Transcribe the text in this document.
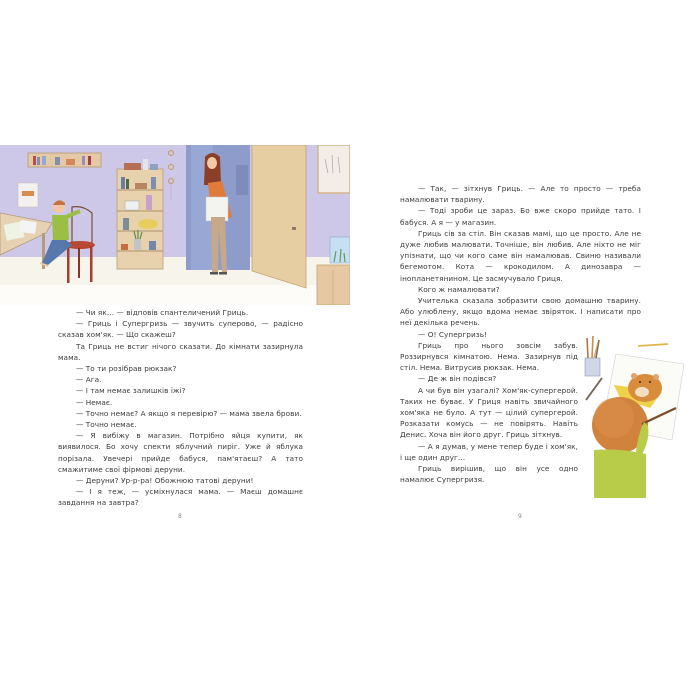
— Чи як… — відповів спантеличений Гриць.

— Гриць і Супергризь — звучить суперово, — радісно сказав хом'як. — Що скажеш?

Та Гриць не встиг нічого сказати. До кімнати зазирнула мама.

— То ти розібрав рюкзак?

— Ага.

— І там немає залишків їжі?

— Немає.

— Точно немає? А якщо я перевірю? — мама звела брови.

— Точно немає.

— Я вибіжу в магазин. Потрібно яйця купити, як виявилося. Бо хочу спекти яблучний пиріг. Уже й яблука порізала. Увечері прийде бабуся, пам'ятаєш? А тато смажитиме свої фірмові деруни.

— Деруни? Ур-р-ра! Обожнюю татові деруни!

— І я теж, — усміхнулася мама. — Маєш домашнє завдання на завтра?

8

— Так, — зітхнув Гриць. — Але то просто — треба намалювати тварину.

— Тоді зроби це зараз. Бо вже скоро прийде тато. І бабуся. А я — у магазин.

Гриць сів за стіл. Він сказав мамі, що це просто. Але не дуже любив малювати. Точніше, він любив. Але ніхто не міг упізнати, що чи кого саме він намалював. Свиню називали бегемотом. Кота — крокодилом. А динозавра — інопланетянином. Це засмучувало Гриця.

Кого ж намалювати?

Учителька сказала зобразити свою домашню тварину. Або улюблену, якщо вдома немає звіряток. І написати про неї декілька речень.

— О! Супергризь!

Гриць про нього зовсім забув. Роззирнувся кімнатою. Нема. Зазирнув під стіл. Нема. Витрусив рюкзак. Нема.

— Де ж він подівся?

А чи був він узагалі? Хом'як-супергерой. Таких не буває. У Гриця навіть звичайного хом'яка не було. А тут — цілий супергерой. Розказати комусь — не повірять. Навіть Денис. Хоча він його друг. Гриць зітхнув.

— А я думав, у мене тепер буде і хом'як, і ще один друг…

Гриць вирішив, що він усе одно намалює Супергризя.

9
